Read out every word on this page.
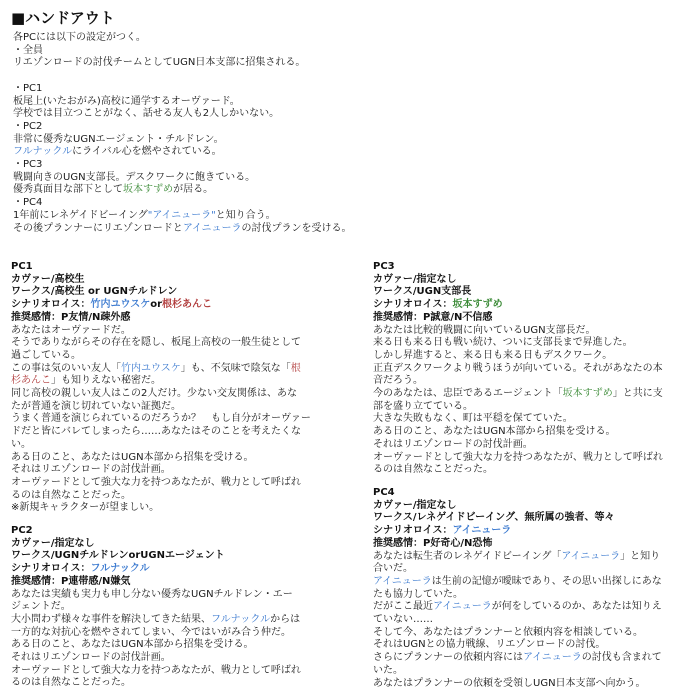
■ハンドアウト
各PCには以下の設定がつく。
・全員
リエゾンロードの討伐チームとしてUGN日本支部に招集される。
・PC1
板尾上(いたおがみ)高校に通学するオーヴァード。
学校では目立つことがなく、話せる友人も2人しかいない。
・PC2
非常に優秀なUGNエージェント・チルドレン。
フルナックルにライバル心を燃やされている。
・PC3
戦闘向きのUGN支部長。デスクワークに飽きている。
優秀真面目な部下として坂本すずめが居る。
・PC4
1年前にレネゲイドビーイング"アイニューラ"と知り合う。
その後プランナーにリエゾンロードとアイニューラの討伐プランを受ける。
PC1
カヴァー/高校生
ワークス/高校生 or UGNチルドレン
シナリオロイス：竹内ユウスケor根杉あんこ
推奨感情：P友情/N疎外感
あなたはオーヴァードだ。
そうでありながらその存在を隠し、板尾上高校の一般生徒として
過ごしている。
この事は気のいい友人「竹内ユウスケ」も、不気味で陰気な「根
杉あんこ」も知りえない秘密だ。
同じ高校の親しい友人はこの2人だけ。少ない交友関係は、あな
たが普通を演じ切れていない証拠だ。
うまく普通を演じられているのだろうか？　もし自分がオーヴァー
ドだと皆にバレてしまったら……あなたはそのことを考えたくな
い。
ある日のこと、あなたはUGN本部から招集を受ける。
それはリエゾンロードの討伐計画。
オーヴァードとして強大な力を持つあなたが、戦力として呼ばれ
るのは自然なことだった。
※新規キャラクターが望ましい。
PC2
カヴァー/指定なし
ワークス/UGNチルドレンorUGNエージェント
シナリオロイス：フルナックル
推奨感情：P連帯感/N嫌気
あなたは実績も実力も申し分ない優秀なUGNチルドレン・エー
ジェントだ。
大小問わず様々な事件を解決してきた結果、フルナックルからは
一方的な対抗心を燃やされてしまい、今ではいがみ合う仲だ。
ある日のこと、あなたはUGN本部から招集を受ける。
それはリエゾンロードの討伐計画。
オーヴァードとして強大な力を持つあなたが、戦力として呼ばれ
るのは自然なことだった。
PC3
カヴァー/指定なし
ワークス/UGN支部長
シナリオロイス：坂本すずめ
推奨感情：P誠意/N不信感
あなたは比較的戦闘に向いているUGN支部長だ。
来る日も来る日も戦い続け、ついに支部長まで昇進した。
しかし昇進すると、来る日も来る日もデスクワーク。
正直デスクワークより戦うほうが向いている。それがあなたの本
音だろう。
今のあなたは、忠臣であるエージェント「坂本すずめ」と共に支
部を盛り立てている。
大きな失敗もなく、町は平穏を保てていた。
ある日のこと、あなたはUGN本部から招集を受ける。
それはリエゾンロードの討伐計画。
オーヴァードとして強大な力を持つあなたが、戦力として呼ばれ
るのは自然なことだった。
PC4
カヴァー/指定なし
ワークス/レネゲイドビーイング、無所属の強者、等々
シナリオロイス：アイニューラ
推奨感情：P好奇心/N恐怖
あなたは転生者のレネゲイドビーイング「アイニューラ」と知り
合いだ。
アイニューラは生前の記憶が曖昧であり、その思い出探しにあな
たも協力していた。
だがここ最近アイニューラが何をしているのか、あなたは知りえ
ていない……
そして今、あなたはプランナーと依頼内容を相談している。
それはUGNとの協力戦線、リエゾンロードの討伐。
さらにプランナーの依頼内容にはアイニューラの討伐も含まれて
いた。
あなたはプランナーの依頼を受領しUGN日本支部へ向かう。
